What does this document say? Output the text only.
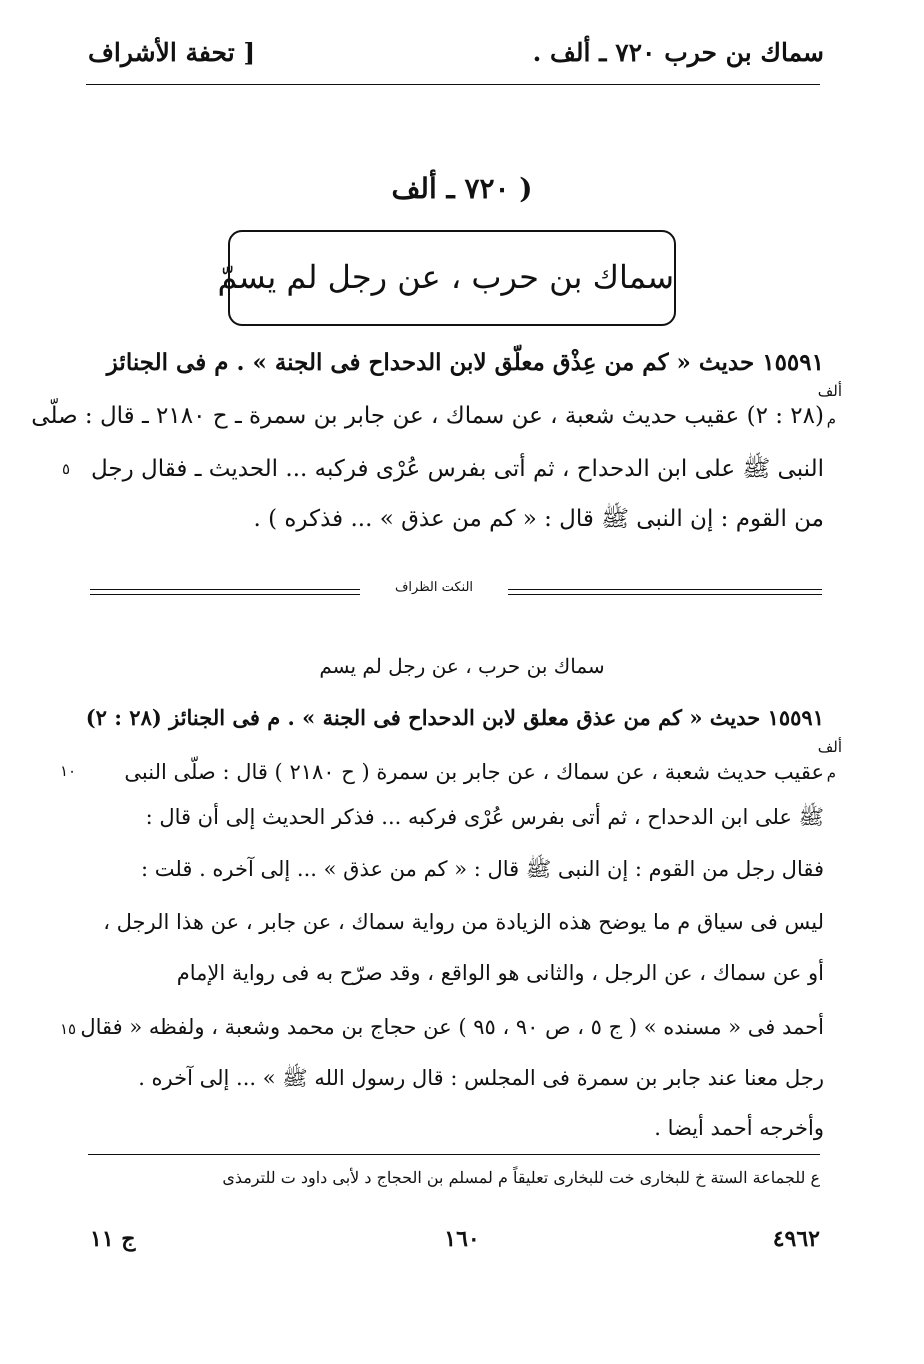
سماك بن حرب ۷۲۰ ـ ألف .
[ تحفة الأشراف
( ۷۲۰ ـ ألف
سماك بن حرب ، عن رجل لم يسمّ
١٥٥٩١ حديث « كم من عِذْق معلّق لابن الدحداح فى الجنة » . م فى الجنائز
(٢٨ : ٢) عقيب حديث شعبة ، عن سماك ، عن جابر بن سمرة ـ ح ٢١٨٠ ـ قال : صلّى
النبى ﷺ على ابن الدحداح ، ثم أتى بفرس عُرْى فركبه ... الحديث ـ فقال رجل
من القوم : إن النبى ﷺ قال : « كم من عذق » ... فذكره ) .
ألف
م
٥
النكت الظراف
سماك بن حرب ، عن رجل لم يسم
١٥٥٩١ حديث « كم من عذق معلق لابن الدحداح فى الجنة » . م فى الجنائز (٢٨ : ٢)
عقيب حديث شعبة ، عن سماك ، عن جابر بن سمرة ( ح ٢١٨٠ ) قال : صلّى النبى
ﷺ على ابن الدحداح ، ثم أتى بفرس عُرْى فركبه ... فذكر الحديث إلى أن قال :
فقال رجل من القوم : إن النبى ﷺ قال : « كم من عذق » ... إلى آخره . قلت :
ليس فى سياق م ما يوضح هذه الزيادة من رواية سماك ، عن جابر ، عن هذا الرجل ،
أو عن سماك ، عن الرجل ، والثانى هو الواقع ، وقد صرّح به فى رواية الإمام
أحمد فى « مسنده » ( ج ٥ ، ص ٩٠ ، ٩٥ ) عن حجاج بن محمد وشعبة ، ولفظه « فقال
رجل معنا عند جابر بن سمرة فى المجلس : قال رسول الله ﷺ » ... إلى آخره .
وأخرجه أحمد أيضا .
ألف
م
١٠
١٥
ع للجماعة الستة خ للبخارى خت للبخارى تعليقاً م لمسلم بن الحجاج د لأبى داود ت للترمذى
٤٩٦٢
١٦٠
ج ١١
